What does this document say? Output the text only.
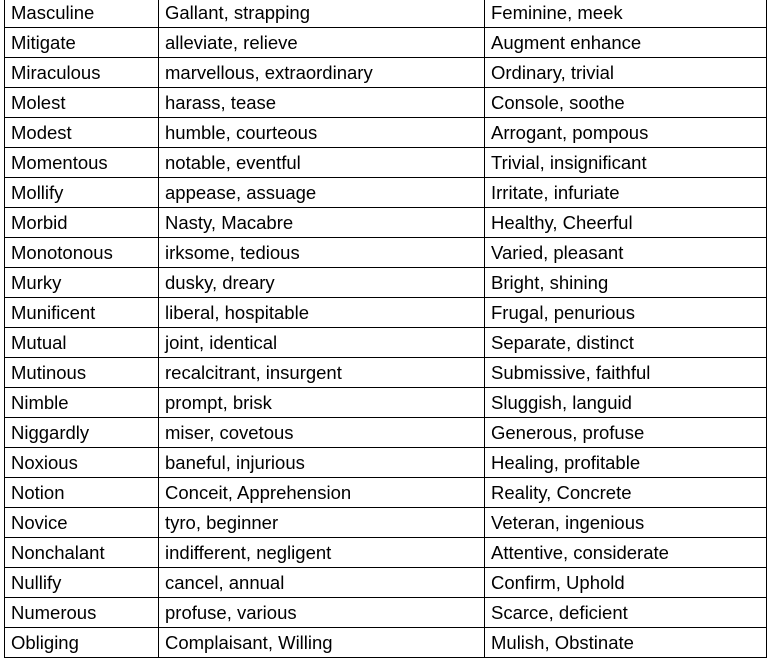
Masculine	Gallant, strapping	Feminine, meek
Mitigate	alleviate, relieve	Augment enhance
Miraculous	marvellous, extraordinary	Ordinary, trivial
Molest	harass, tease	Console, soothe
Modest	humble, courteous	Arrogant, pompous
Momentous	notable, eventful	Trivial, insignificant
Mollify	appease, assuage	Irritate, infuriate
Morbid	Nasty, Macabre	Healthy, Cheerful
Monotonous	irksome, tedious	Varied, pleasant
Murky	dusky, dreary	Bright, shining
Munificent	liberal, hospitable	Frugal, penurious
Mutual	joint, identical	Separate, distinct
Mutinous	recalcitrant, insurgent	Submissive, faithful
Nimble	prompt, brisk	Sluggish, languid
Niggardly	miser, covetous	Generous, profuse
Noxious	baneful, injurious	Healing, profitable
Notion	Conceit, Apprehension	Reality, Concrete
Novice	tyro, beginner	Veteran, ingenious
Nonchalant	indifferent, negligent	Attentive, considerate
Nullify	cancel, annual	Confirm, Uphold
Numerous	profuse, various	Scarce, deficient
Obliging	Complaisant, Willing	Mulish, Obstinate
